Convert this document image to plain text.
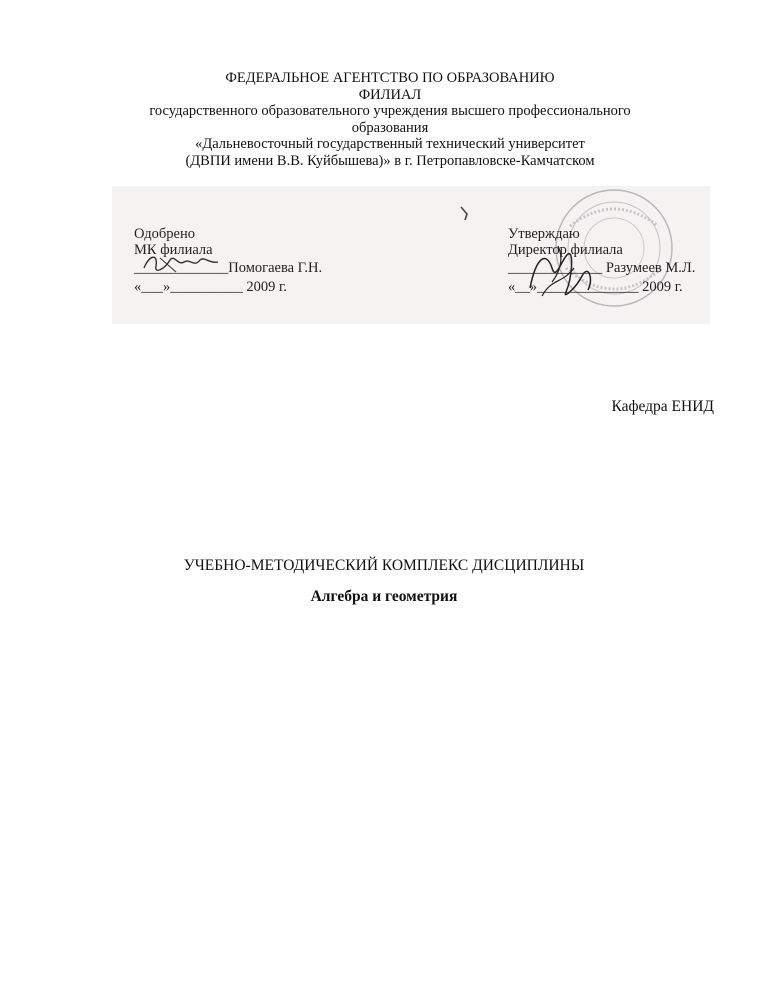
ФЕДЕРАЛЬНОЕ АГЕНТСТВО ПО ОБРАЗОВАНИЮ
ФИЛИАЛ
государственного образовательного учреждения высшего профессионального
образования
«Дальневосточный государственный технический университет
(ДВПИ имени В.В. Куйбышева)» в г. Петропавловске-Камчатском
Одобрено
МК филиала
_____________Помогаева Г.Н.
«___»__________ 2009 г.
Утверждаю
Директор филиала
_____________ Разумеев М.Л.
«__»______________ 2009 г.
Кафедра ЕНИД
УЧЕБНО-МЕТОДИЧЕСКИЙ КОМПЛЕКС ДИСЦИПЛИНЫ
Алгебра и геометрия
